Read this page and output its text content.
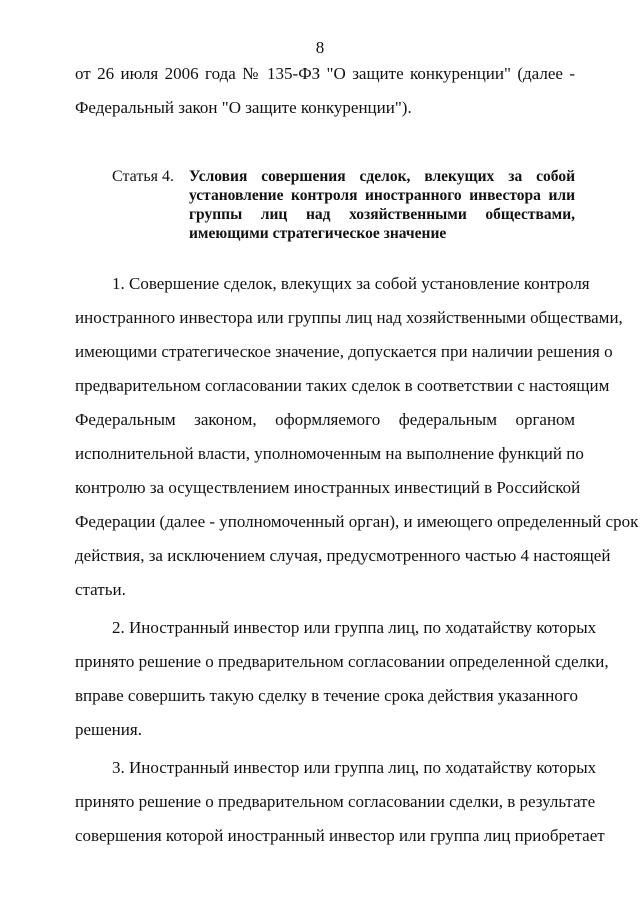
8
от 26 июля 2006 года № 135-ФЗ "О защите конкуренции" (далее -
Федеральный закон "О защите конкуренции").
Статья 4. Условия совершения сделок, влекущих за собой
установление контроля иностранного инвестора или
группы лиц над хозяйственными обществами,
имеющими стратегическое значение
1. Совершение сделок, влекущих за собой установление контроля
иностранного инвестора или группы лиц над хозяйственными обществами,
имеющими стратегическое значение, допускается при наличии решения о
предварительном согласовании таких сделок в соответствии с настоящим
Федеральным законом, оформляемого федеральным органом
исполнительной власти, уполномоченным на выполнение функций по
контролю за осуществлением иностранных инвестиций в Российской
Федерации (далее - уполномоченный орган), и имеющего определенный срок
действия, за исключением случая, предусмотренного частью 4 настоящей
статьи.
2. Иностранный инвестор или группа лиц, по ходатайству которых
принято решение о предварительном согласовании определенной сделки,
вправе совершить такую сделку в течение срока действия указанного
решения.
3. Иностранный инвестор или группа лиц, по ходатайству которых
принято решение о предварительном согласовании сделки, в результате
совершения которой иностранный инвестор или группа лиц приобретает
